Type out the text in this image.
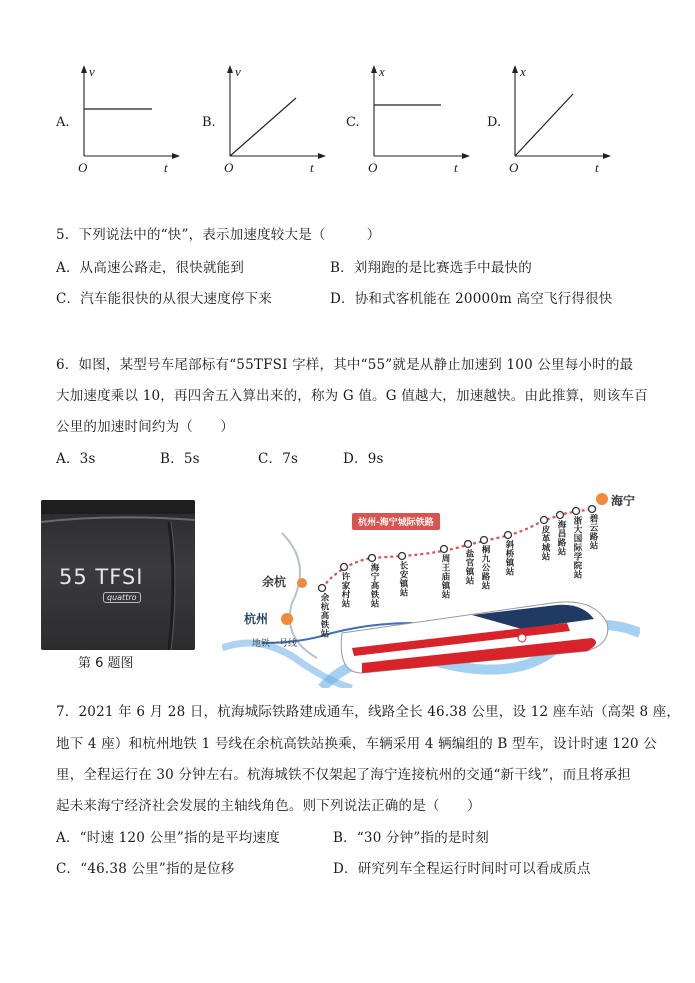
A.
v
O	t
B.
v
O	t
C.
x
O	t
D.
x
O	t
5．下列说法中的“快”，表示加速度较大是（　　　）
A．从高速公路走，很快就能到	B．刘翔跑的是比赛选手中最快的
C．汽车能很快的从很大速度停下来	D．协和式客机能在 20000m 高空飞行得很快
6．如图，某型号车尾部标有“55TFSI 字样，其中“55”就是从静止加速到 100 公里每小时的最
大加速度乘以 10，再四舍五入算出来的，称为 G 值。G 值越大，加速越快。由此推算，则该车百
公里的加速时间约为（　　）
A．3s	B．5s	C．7s	D．9s
55 TFSI
quattro
第 6 题图
杭州-海宁城际铁路
海宁
余杭
杭州
地铁一号线
余杭高铁站
许家村站 海宁高铁站 长安镇站	周王庙镇站 盐官镇站 桐九公路站 斜桥镇站	皮革城站 海昌路站 浙大国际学院站 碧云路站
7．2021 年 6 月 28 日，杭海城际铁路建成通车，线路全长 46.38 公里，设 12 座车站（高架 8 座，
地下 4 座）和杭州地铁 1 号线在余杭高铁站换乘，车辆采用 4 辆编组的 B 型车，设计时速 120 公
里，全程运行在 30 分钟左右。杭海城铁不仅架起了海宁连接杭州的交通“新干线”，而且将承担
起未来海宁经济社会发展的主轴线角色。则下列说法正确的是（　　）
A．“时速 120 公里”指的是平均速度	B．“30 分钟”指的是时刻
C．“46.38 公里”指的是位移	D．研究列车全程运行时间时可以看成质点
